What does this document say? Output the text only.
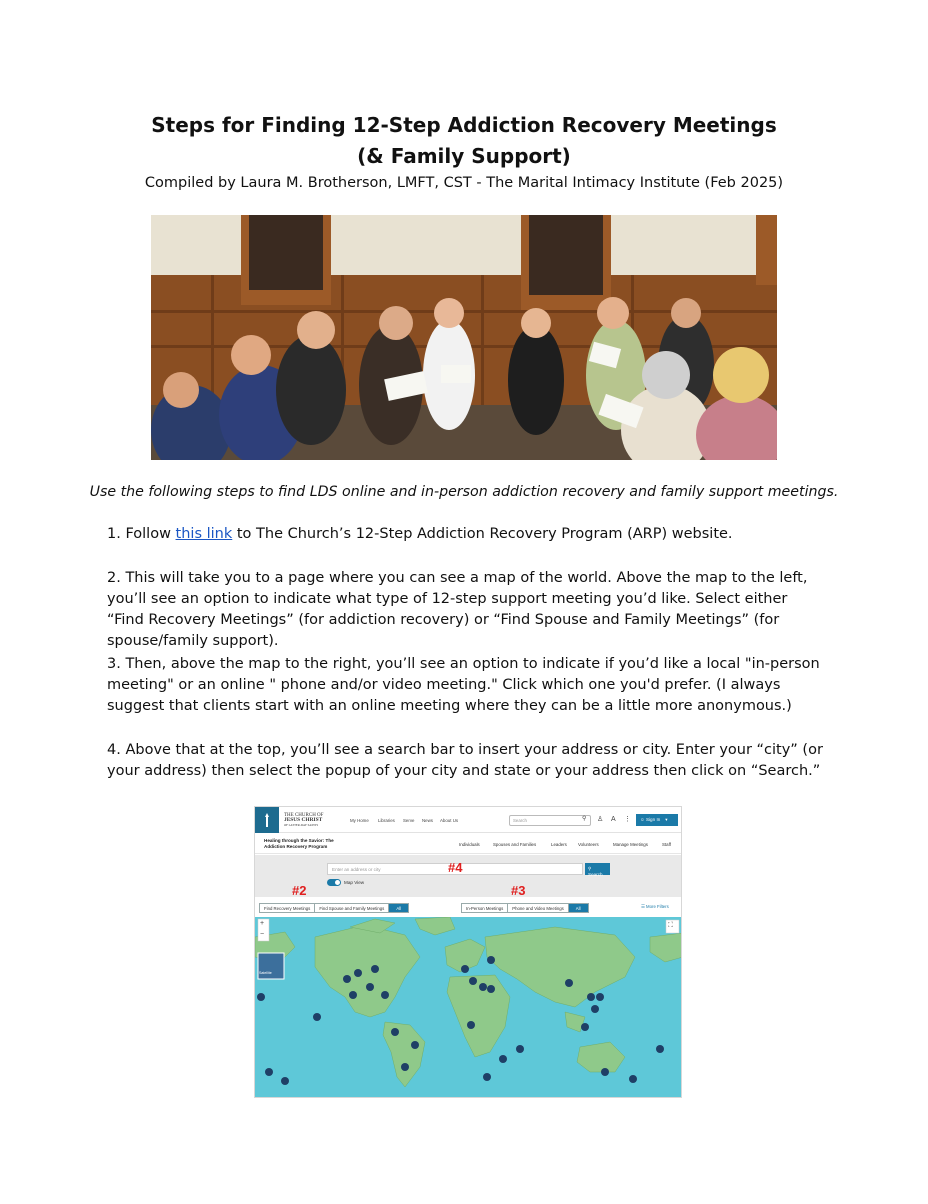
Steps for Finding 12-Step Addiction Recovery Meetings
(& Family Support)
Compiled by Laura M. Brotherson, LMFT, CST - The Marital Intimacy Institute (Feb 2025)
Use the following steps to find LDS online and in-person addiction recovery and family support meetings.
1. Follow this link to The Church’s 12-Step Addiction Recovery Program (ARP) website.
2. This will take you to a page where you can see a map of the world. Above the map to the left, you’ll see an option to indicate what type of 12-step support meeting you’d like. Select either “Find Recovery Meetings” (for addiction recovery) or “Find Spouse and Family Meetings” (for spouse/family support).
3. Then, above the map to the right, you’ll see an option to indicate if you’d like a local "in-person meeting" or an online " phone and/or video meeting." Click which one you'd prefer. (I always suggest that clients start with an online meeting where they can be a little more anonymous.)
4. Above that at the top, you’ll see a search bar to insert your address or city. Enter your “city” (or your address) then select the popup of your city and state or your address then click on “Search.”
THE CHURCH OF
JESUS CHRIST
OF LATTER-DAY SAINTS
My Home Libraries Serve News About Us	Search	⚲ ♙ A ⋮	☺ Sign In ▾
Healing through the Savior: The Addiction Recovery Program	Individuals	Spouses and Families	Leaders	Volunteers	Manage Meetings	Staff
Enter an address or city	⚲ Search
Map View
Find Recovery Meetings	Find Spouse and Family Meetings	All	In-Person Meetings	Phone and Video Meetings	All	☰ More Filters
+
−
Satellite
⛶
#2	#3
#4
